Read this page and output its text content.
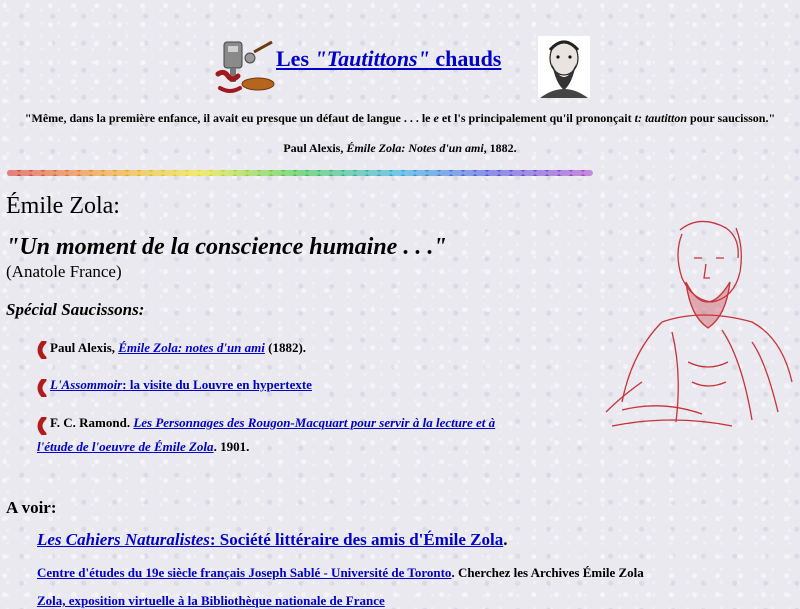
Les "Tautittons" chauds
"Même, dans la première enfance, il avait eu presque un défaut de langue . . . le e et l's principalement qu'il prononçait t: tautitton pour saucisson."
Paul Alexis, Émile Zola: Notes d'un ami, 1882.
Émile Zola:
"Un moment de la conscience humaine . . ."
(Anatole France)
Spécial Saucissons:
Paul Alexis, Émile Zola: notes d'un ami (1882).
L'Assommoir: la visite du Louvre en hypertexte
F. C. Ramond. Les Personnages des Rougon-Macquart pour servir à la lecture et à
l'étude de l'oeuvre de Émile Zola. 1901.
A voir:
Les Cahiers Naturalistes: Société littéraire des amis d'Émile Zola.
Centre d'études du 19e siècle français Joseph Sablé - Université de Toronto. Cherchez les Archives Émile Zola
Zola, exposition virtuelle à la Bibliothèque nationale de France
